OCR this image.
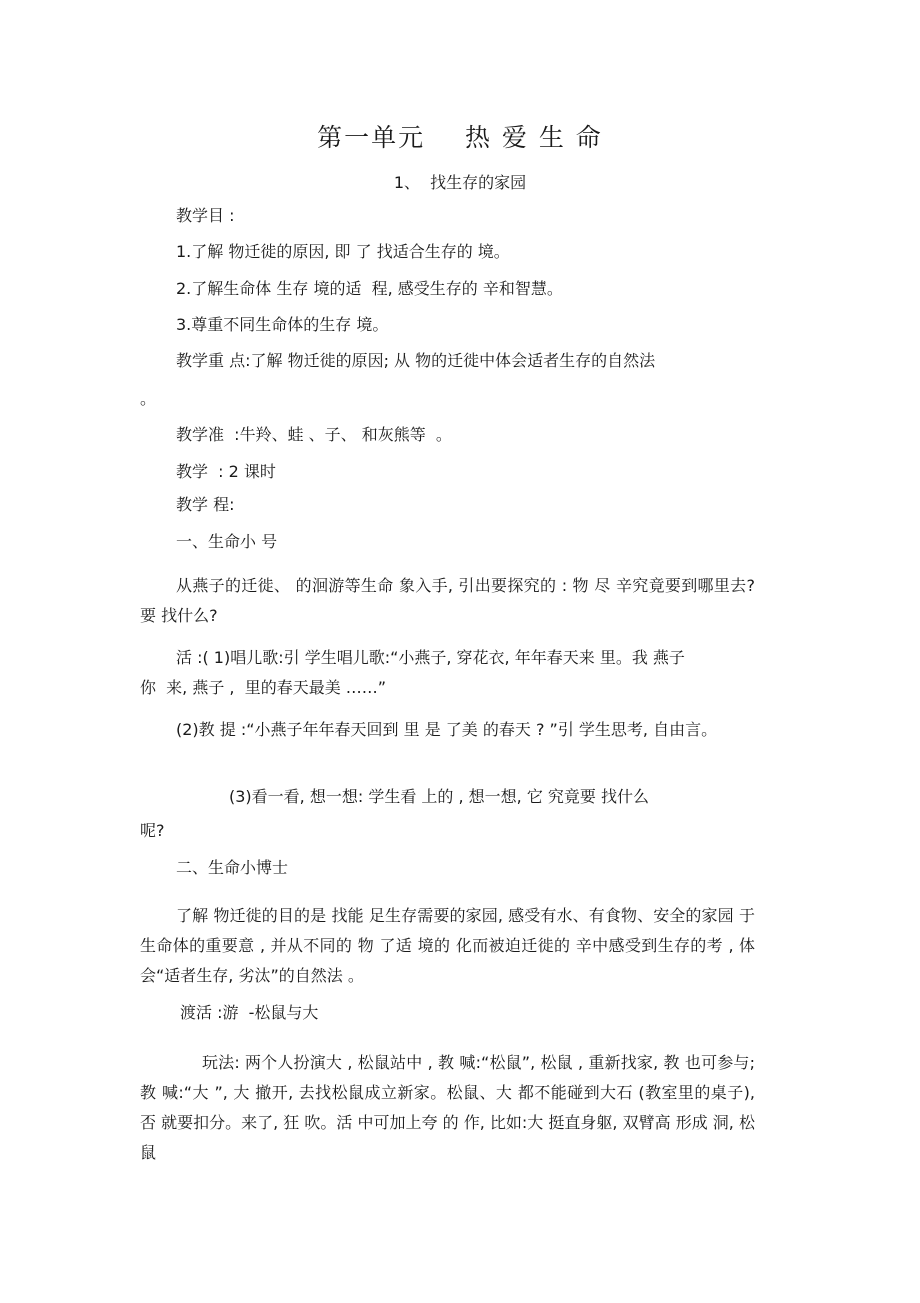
第一单元    热 爱 生 命
1、  找生存的家园
教学目 :
1.了解 物迁徙的原因, 即 了 找适合生存的 境。
2.了解生命体 生存 境的适  程, 感受生存的 辛和智慧。
3.尊重不同生命体的生存 境。
教学重 点:了解 物迁徙的原因; 从 物的迁徙中体会适者生存的自然法
。
教学准  :牛羚、蛙 、子、 和灰熊等  。
教学  : 2 课时
教学 程:
一、生命小 号

从燕子的迁徙、 的洄游等生命 象入手, 引出要探究的 : 物 尽 辛究竟要到哪里去? 要 找什么?

活 :( 1)唱儿歌:引 学生唱儿歌:“小燕子, 穿花衣, 年年春天来 里。我 燕子
你  来, 燕子 ,  里的春天最美 ……”

(2)教 提 :“小燕子年年春天回到 里 是 了美 的春天 ? ”引 学生思考, 自由言。

(3)看一看, 想一想: 学生看 上的 , 想一想, 它 究竟要 找什么
呢?
二、生命小博士

了解 物迁徙的目的是 找能 足生存需要的家园, 感受有水、有食物、安全的家园 于生命体的重要意 , 并从不同的 物 了适 境的 化而被迫迁徙的 辛中感受到生存的考 , 体会“适者生存, 劣汰”的自然法 。

渡活 :游  -松鼠与大

玩法: 两个人扮演大 , 松鼠站中 , 教 喊:“松鼠”, 松鼠 , 重新找家, 教 也可参与;教 喊:“大 ”, 大 撤开, 去找松鼠成立新家。松鼠、大 都不能碰到大石 (教室里的桌子), 否 就要扣分。来了, 狂 吹。活 中可加上夸 的 作, 比如:大 挺直身躯, 双臂高 形成 洞, 松鼠
